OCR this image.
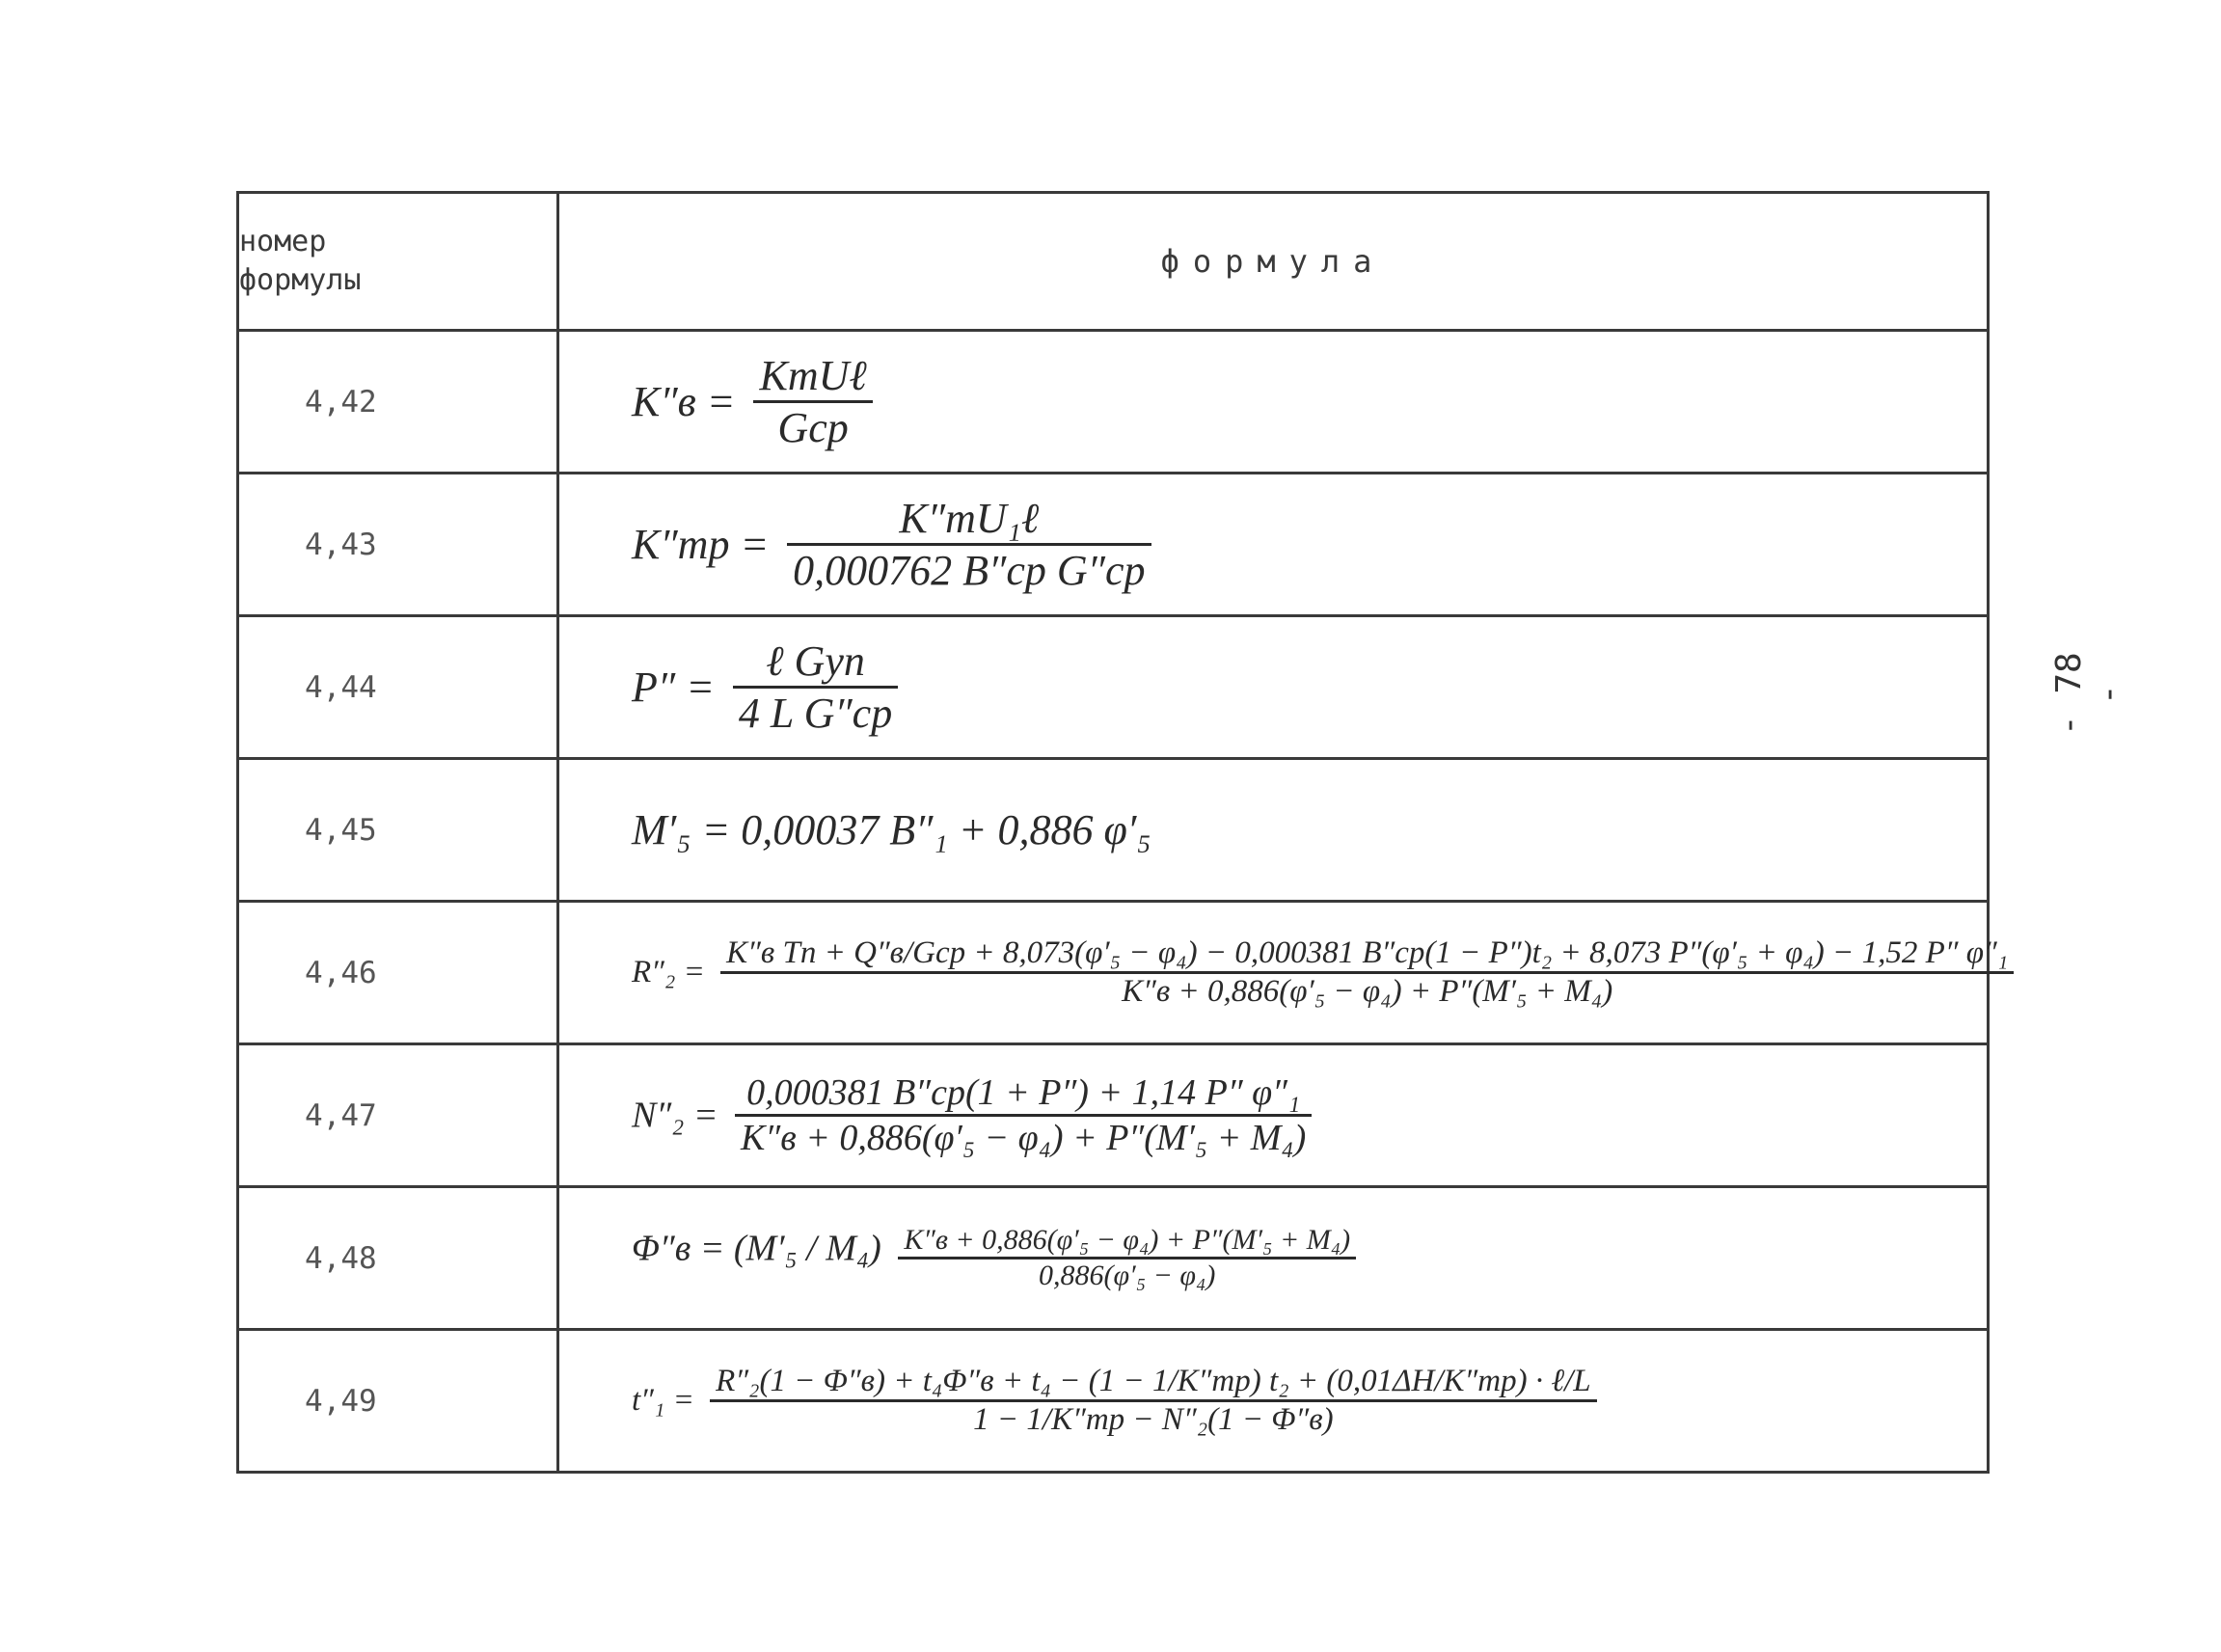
номер
формулы	формула
4,42	$K''в = \frac{\text{KтUℓ}}{\text{Gср}}$

4,43	$K''тр = \frac{\text{K″тU₁ℓ}}{\text{0,000762 B″ср G″ср}}$

4,44	$P'' = \frac{\text{ℓ Gуп}}{\text{4 L G″ср}}$

4,45	M′₅ = 0,00037 B″₁ + 0,886 φ′₅
4,46	R″₂ =
K″в Tп + Q″в/Gср + 8,073(φ′₅ − φ₄) − 0,000381 B″ср(1 − P″)t₂ + 8,073 P″(φ′₅ + φ₄) − 1,52 P″ φ″₁
K″в + 0,886(φ′₅ − φ₄) + P″(M′₅ + M₄)

4,47	$N''_2 = \frac{\text{0,000381 B″ср(1 + P″) + 1,14 P″ φ″₁}}{\text{K″в + 0,886(φ′₅ − φ₄) + P″(M′₅ + M₄)}}$

4,48	$\Phi''в = (M'_5 / M_4) \frac{\text{K″в + 0,886(φ′₅ − φ₄) + P″(M′₅ + M₄)}}{\text{0,886(φ′₅ − φ₄)}}$

4,49	t″₁ =
R″₂(1 − Φ″в) + t₄Φ″в + t₄ − (1 − 1/K″тр) t₂ + (0,01ΔH/K″тр) · ℓ/L
1 − 1/K″тр − N″₂(1 − Φ″в)
- 78 -
